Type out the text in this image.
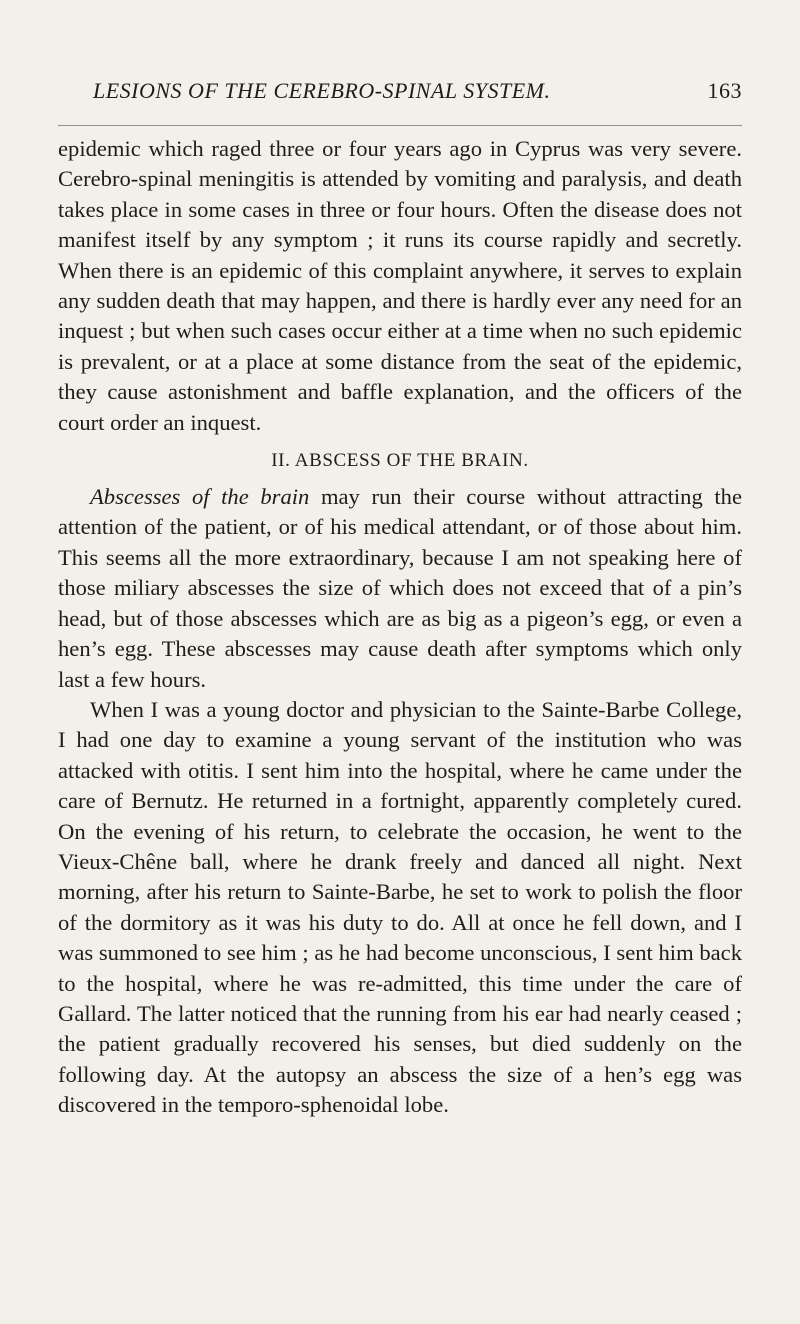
LESIONS OF THE CEREBRO-SPINAL SYSTEM.	163

epidemic which raged three or four years ago in Cyprus was very severe. Cerebro-spinal meningitis is attended by vomiting and paralysis, and death takes place in some cases in three or four hours. Often the disease does not manifest itself by any symptom ; it runs its course rapidly and secretly. When there is an epidemic of this complaint anywhere, it serves to explain any sudden death that may happen, and there is hardly ever any need for an inquest ; but when such cases occur either at a time when no such epidemic is prevalent, or at a place at some distance from the seat of the epidemic, they cause astonishment and baffle explanation, and the officers of the court order an inquest.

II. ABSCESS OF THE BRAIN.

Abscesses of the brain may run their course without attracting the attention of the patient, or of his medical attendant, or of those about him. This seems all the more extraordinary, because I am not speaking here of those miliary abscesses the size of which does not exceed that of a pin’s head, but of those abscesses which are as big as a pigeon’s egg, or even a hen’s egg. These abscesses may cause death after symptoms which only last a few hours.

When I was a young doctor and physician to the Sainte-Barbe College, I had one day to examine a young servant of the institution who was attacked with otitis. I sent him into the hospital, where he came under the care of Bernutz. He returned in a fortnight, apparently completely cured. On the evening of his return, to celebrate the occasion, he went to the Vieux-Chêne ball, where he drank freely and danced all night. Next morning, after his return to Sainte-Barbe, he set to work to polish the floor of the dormitory as it was his duty to do. All at once he fell down, and I was summoned to see him ; as he had become unconscious, I sent him back to the hospital, where he was re-admitted, this time under the care of Gallard. The latter noticed that the running from his ear had nearly ceased ; the patient gradually recovered his senses, but died suddenly on the following day. At the autopsy an abscess the size of a hen’s egg was discovered in the temporo-sphenoidal lobe.
